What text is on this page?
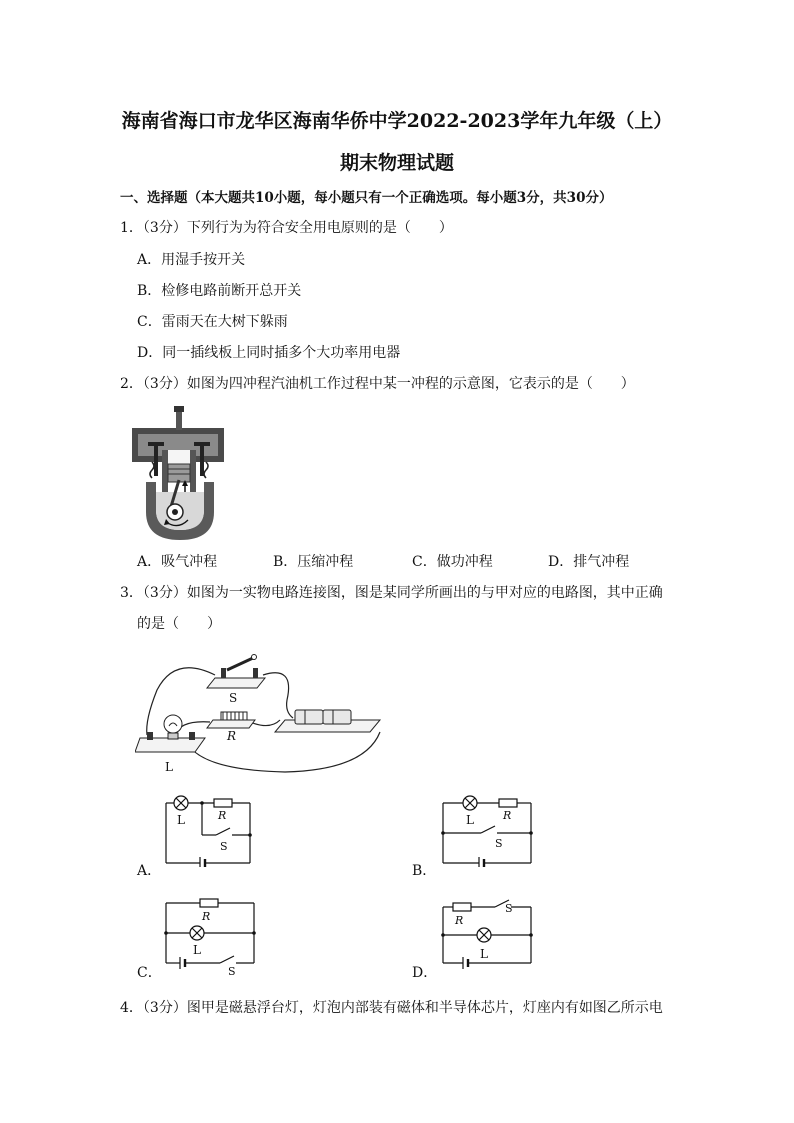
海南省海口市龙华区海南华侨中学2022-2023学年九年级（上）
期末物理试题
一、选择题（本大题共10小题，每小题只有一个正确选项。每小题3分，共30分）
1．（3分）下列行为为符合安全用电原则的是（　　）
A．用湿手按开关
B．检修电路前断开总开关
C．雷雨天在大树下躲雨
D．同一插线板上同时插多个大功率用电器
2．（3分）如图为四冲程汽油机工作过程中某一冲程的示意图，它表示的是（　　）
A．吸气冲程	B．压缩冲程	C．做功冲程	D．排气冲程
3．（3分）如图为一实物电路连接图，图是某同学所画出的与甲对应的电路图，其中正确
的是（　　）
S
R
L
L	R
S
A．
L	R
S
B．
R
L
S
C．
R
S
L
D．
4．（3分）图甲是磁悬浮台灯，灯泡内部装有磁体和半导体芯片，灯座内有如图乙所示电
